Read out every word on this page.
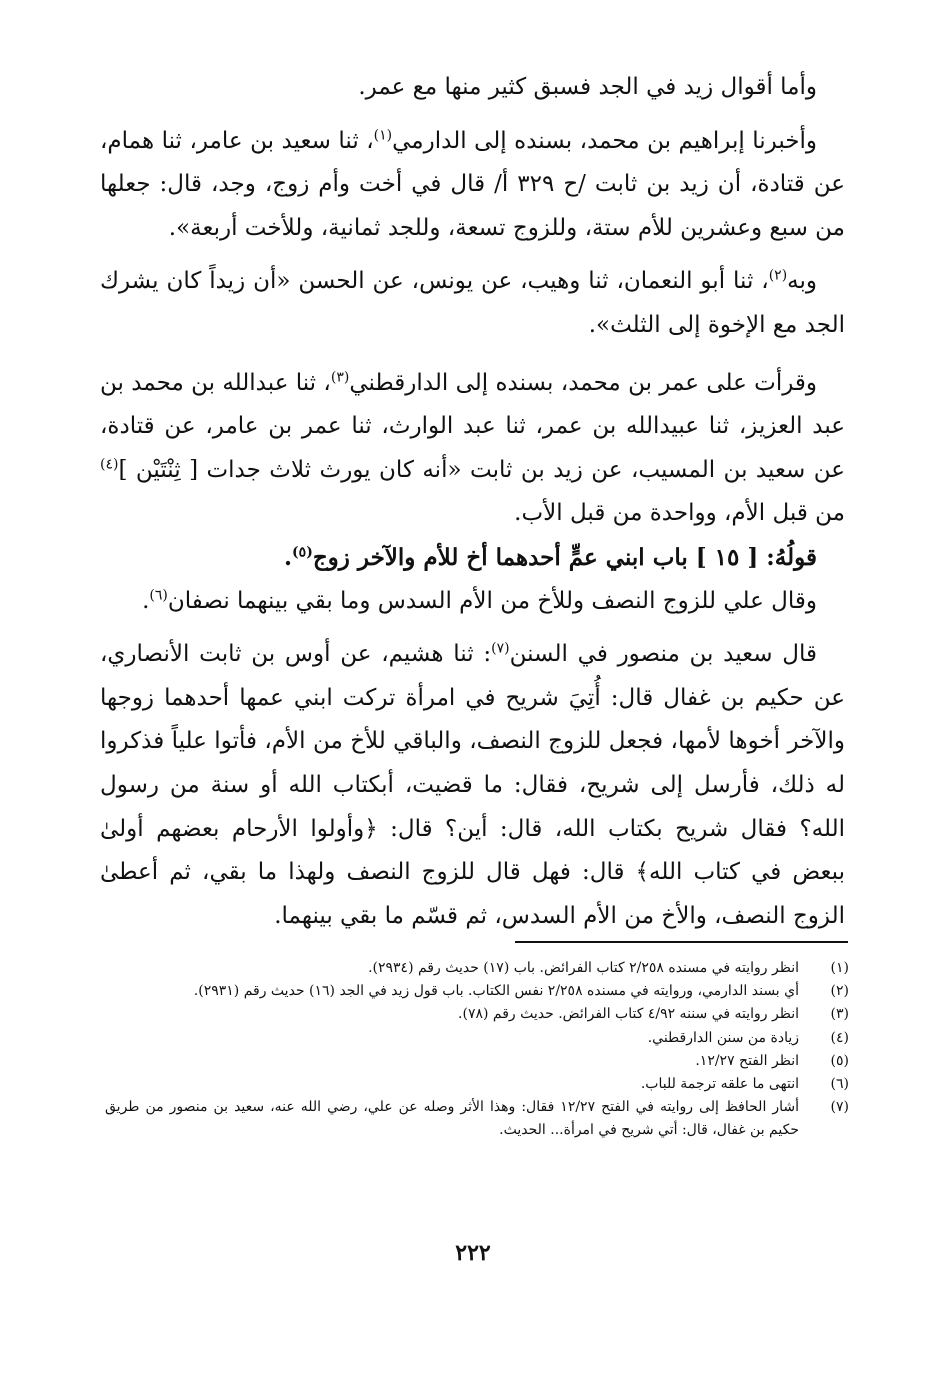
وأما أقوال زيد في الجد فسبق كثير منها مع عمر.

وأخبرنا إبراهيم بن محمد، بسنده إلى الدارمي$^{(١)}$، ثنا سعيد بن عامر، ثنا همام، عن قتادة، أن زيد بن ثابت /ح ٣٢٩ أ/ قال في أخت وأم زوج، وجد، قال: جعلها من سبع وعشرين للأم ستة، وللزوج تسعة، وللجد ثمانية، وللأخت أربعة».

وبه$^{(٢)}$، ثنا أبو النعمان، ثنا وهيب، عن يونس، عن الحسن «أن زيداً كان يشرك الجد مع الإخوة إلى الثلث».

وقرأت على عمر بن محمد، بسنده إلى الدارقطني$^{(٣)}$، ثنا عبدالله بن محمد بن عبد العزيز، ثنا عبيدالله بن عمر، ثنا عبد الوارث، ثنا عمر بن عامر، عن قتادة، عن سعيد بن المسيب، عن زيد بن ثابت «أنه كان يورث ثلاث جدات [ ثِنْتَيْن ]$^{(٤)}$ من قبل الأم، وواحدة من قبل الأب.

قولُهُ: [ ١٥ ] باب ابني عمٍّ أحدهما أخ للأم والآخر زوج$^{(٥)}$.

وقال علي للزوج النصف وللأخ من الأم السدس وما بقي بينهما نصفان$^{(٦)}$.

قال سعيد بن منصور في السنن$^{(٧)}$: ثنا هشيم، عن أوس بن ثابت الأنصاري، عن حكيم بن غفال قال: أُتِيَ شريح في امرأة تركت ابني عمها أحدهما زوجها والآخر أخوها لأمها، فجعل للزوج النصف، والباقي للأخ من الأم، فأتوا علياً فذكروا له ذلك، فأرسل إلى شريح، فقال: ما قضيت، أبكتاب الله أو سنة من رسول الله؟ فقال شريح بكتاب الله، قال: أين؟ قال: ﴿وأولوا الأرحام بعضهم أولىٰ ببعض في كتاب الله﴾ قال: فهل قال للزوج النصف ولهذا ما بقي، ثم أعطىٰ الزوج النصف، والأخ من الأم السدس، ثم قسّم ما بقي بينهما.

(١)
انظر روايته في مسنده ٢/٢٥٨ كتاب الفرائض. باب (١٧) حديث رقم (٢٩٣٤).
(٢)
أي بسند الدارمي، وروايته في مسنده ٢/٢٥٨ نفس الكتاب. باب قول زيد في الجد (١٦) حديث رقم (٢٩٣١).
(٣)
انظر روايته في سننه ٤/٩٢ كتاب الفرائض. حديث رقم (٧٨).
(٤)
زيادة من سنن الدارقطني.
(٥)
انظر الفتح ١٢/٢٧.
(٦)
انتهى ما علقه ترجمة للباب.
(٧)
أشار الحافظ إلى روايته في الفتح ١٢/٢٧ فقال: وهذا الأثر وصله عن علي، رضي الله عنه، سعيد بن منصور من طريق حكيم بن غفال، قال: أتي شريح في امرأة... الحديث.
٢٢٢
